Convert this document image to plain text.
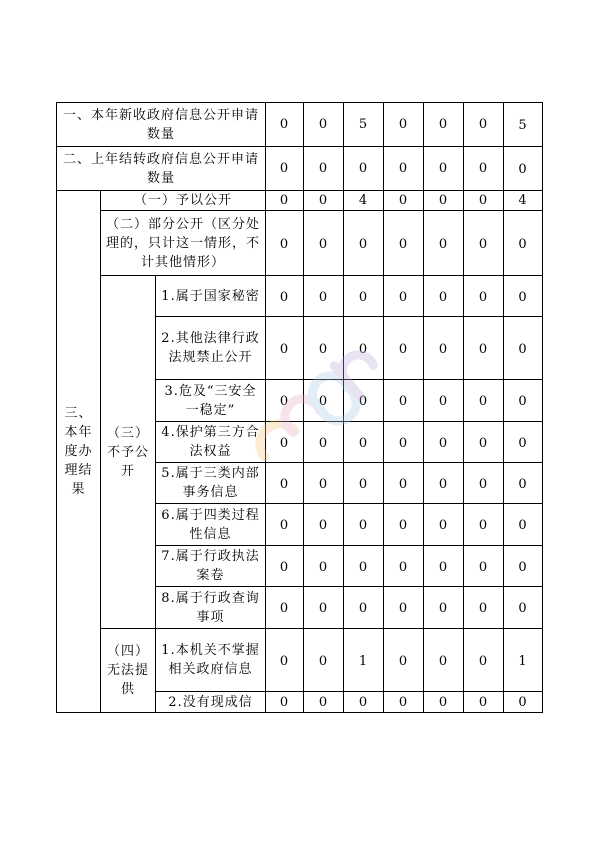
一、本年新收政府信息公开申请数量			0	0	5	0	0	0	5
二、上年结转政府信息公开申请数量			0	0	0	0	0	0	0
三、本年度办理结果	（一）予以公开		0	0	4	0	0	0	4
	（二）部分公开（区分处理的，只计这一情形，不计其他情形）		0	0	0	0	0	0	0
	（三）不予公开	1.属于国家秘密	0	0	0	0	0	0	0
		2.其他法律行政法规禁止公开	0	0	0	0	0	0	0
		3.危及“三安全一稳定”	0	0	0	0	0	0	0
		4.保护第三方合法权益	0	0	0	0	0	0	0
		5.属于三类内部事务信息	0	0	0	0	0	0	0
		6.属于四类过程性信息	0	0	0	0	0	0	0
		7.属于行政执法案卷	0	0	0	0	0	0	0
		8.属于行政查询事项	0	0	0	0	0	0	0
	（四）无法提供	1.本机关不掌握相关政府信息	0	0	1	0	0	0	1
		2.没有现成信	0	0	0	0	0	0	0
